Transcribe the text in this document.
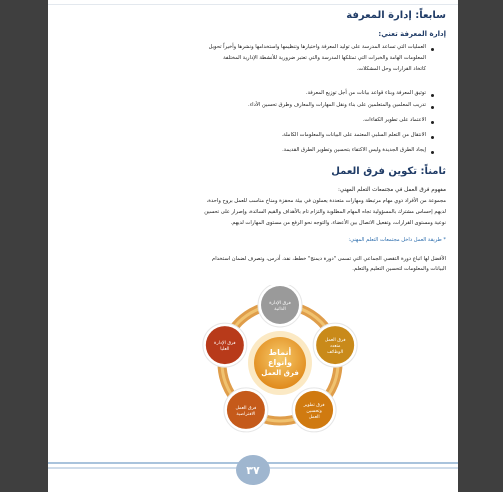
سابعاً: إدارة المعرفة
إدارة المعرفة تعني:
العمليات التي تساعد المدرسة على توليد المعرفة واختيارها وتنظيمها واستخدامها ونشرها وأخيراً تحويل
المعلومات الهامة والخبرات التي تمتلكها المدرسة والتي تعتبر ضرورية للأنشطة الإدارية المختلفة
كاتخاذ القرارات وحل المشكلات.
توثيق المعرفة وبناء قواعد بيانات من أجل توزيع المعرفة.
تدريب المعلمين والمتعلمين على بناء ونقل المهارات والمعارف وطرق تحسين الأداء.
الاعتماد على تطوير الكفاءات.
الانتقال من التعلم السلبي المعتمد على البيانات والمعلومات الكاملة.
إيجاد الطرق الجديدة وليس الاكتفاء بتحسين وتطوير الطرق القديمة.
ثامناً: تكوين فرق العمل
مفهوم فرق العمل في مجتمعات التعلم المهني:
مجموعة من الأفراد ذوي مهام مرتبطة ومهارات متعددة يعملون في بيئة محفزة ومناخ مناسب للعمل بروح واحدة،
لديهم إحساس مشترك بالمسؤولية تجاه المهام المطلوبة والتزام تام بالأهداف والقيم السائدة، وإصرار على تحسين
نوعية ومستوى القرارات، وتفعيل الاتصال بين الأعضاء، والتوجه نحو الرفع من مستوى المهارات لديهم.
* طريقة العمل داخل مجتمعات التعلم المهني:
الأفضل لها اتباع دورة التقصي الجماعي التي تسمى "دورة ديمنج" خطط، نفذ، أدرس، وتصرف لضمان استخدام
البيانات والمعلومات لتحسين التعليم والتعلم.
أنماط
وأنواع
فرق العمل
فرق الإدارة
الذاتية
فرق العمل
متعدد
الوظائف
فرق تطوير
وتحسين
العمل
فرق العمل
الافتراضية
فرق الإدارة
العليا
٣٧
